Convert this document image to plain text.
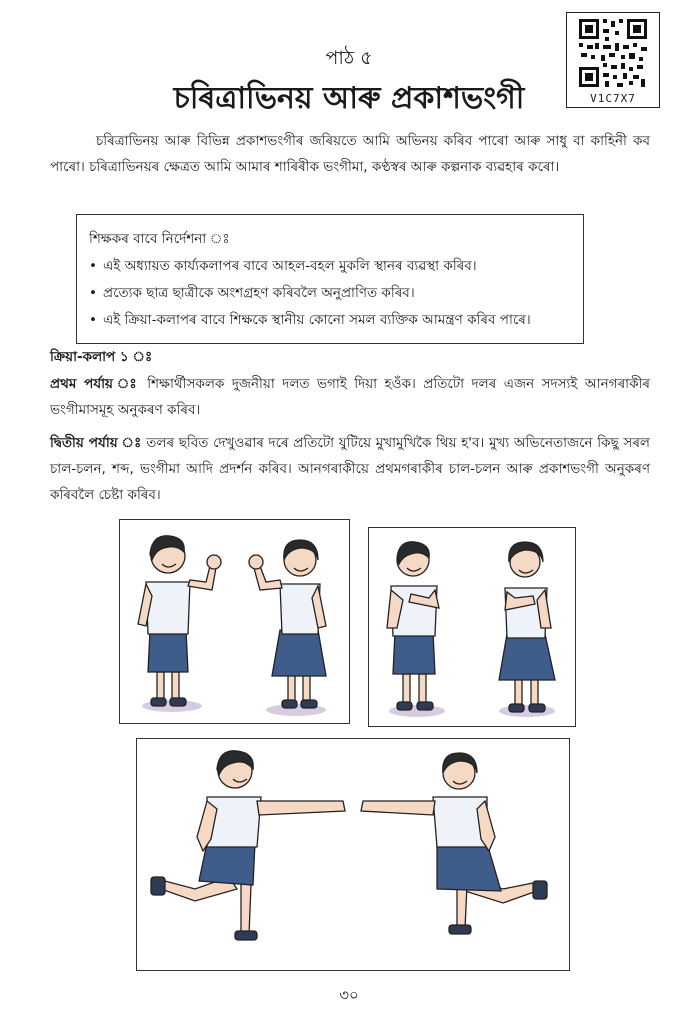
V1C7X7
পাঠ ৫
চৰিত্ৰাভিনয় আৰু প্ৰকাশভংগী
চৰিত্ৰাভিনয় আৰু বিভিন্ন প্ৰকাশভংগীৰ জৰিয়তে আমি অভিনয় কৰিব পাৰো আৰু সাধু বা কাহিনী কব পাৰো। চৰিত্ৰাভিনয়ৰ ক্ষেত্ৰত আমি আমাৰ শাৰিৰীক ভংগীমা, কণ্ঠস্বৰ আৰু কল্পনাক ব্যৱহাৰ কৰো।
শিক্ষকৰ বাবে নিৰ্দেশনা ঃ
• এই অধ্যায়ত কাৰ্য্যকলাপৰ বাবে আহল-বহল মুকলি স্থানৰ ব্যৱস্থা কৰিব।
• প্ৰত্যেক ছাত্ৰ ছাত্ৰীকে অংশগ্ৰহণ কৰিবলৈ অনুপ্ৰাণিত কৰিব।
• এই ক্ৰিয়া-কলাপৰ বাবে শিক্ষকে স্থানীয় কোনো সমল ব্যক্তিক আমন্ত্ৰণ কৰিব পাৰে।
ক্ৰিয়া-কলাপ ১ ঃ
প্ৰথম পৰ্যায় ঃ শিক্ষাৰ্থীসকলক দুজনীয়া দলত ভগাই দিয়া হওঁক। প্ৰতিটো দলৰ এজন সদস্যই আনগৰাকীৰ ভংগীমাসমূহ অনুকৰণ কৰিব।
দ্বিতীয় পৰ্যায় ঃ তলৰ ছবিত দেখুওৱাৰ দৰে প্ৰতিটো যুটিয়ে মুখামুখিকৈ থিয় হ'ব। মুখ্য অভিনেতাজনে কিছু সৰল চাল-চলন, শব্দ, ভংগীমা আদি প্ৰদৰ্শন কৰিব। আনগৰাকীয়ে প্ৰথমগৰাকীৰ চাল-চলন আৰু প্ৰকাশভংগী অনুকৰণ কৰিবলৈ চেষ্টা কৰিব।
৩০
